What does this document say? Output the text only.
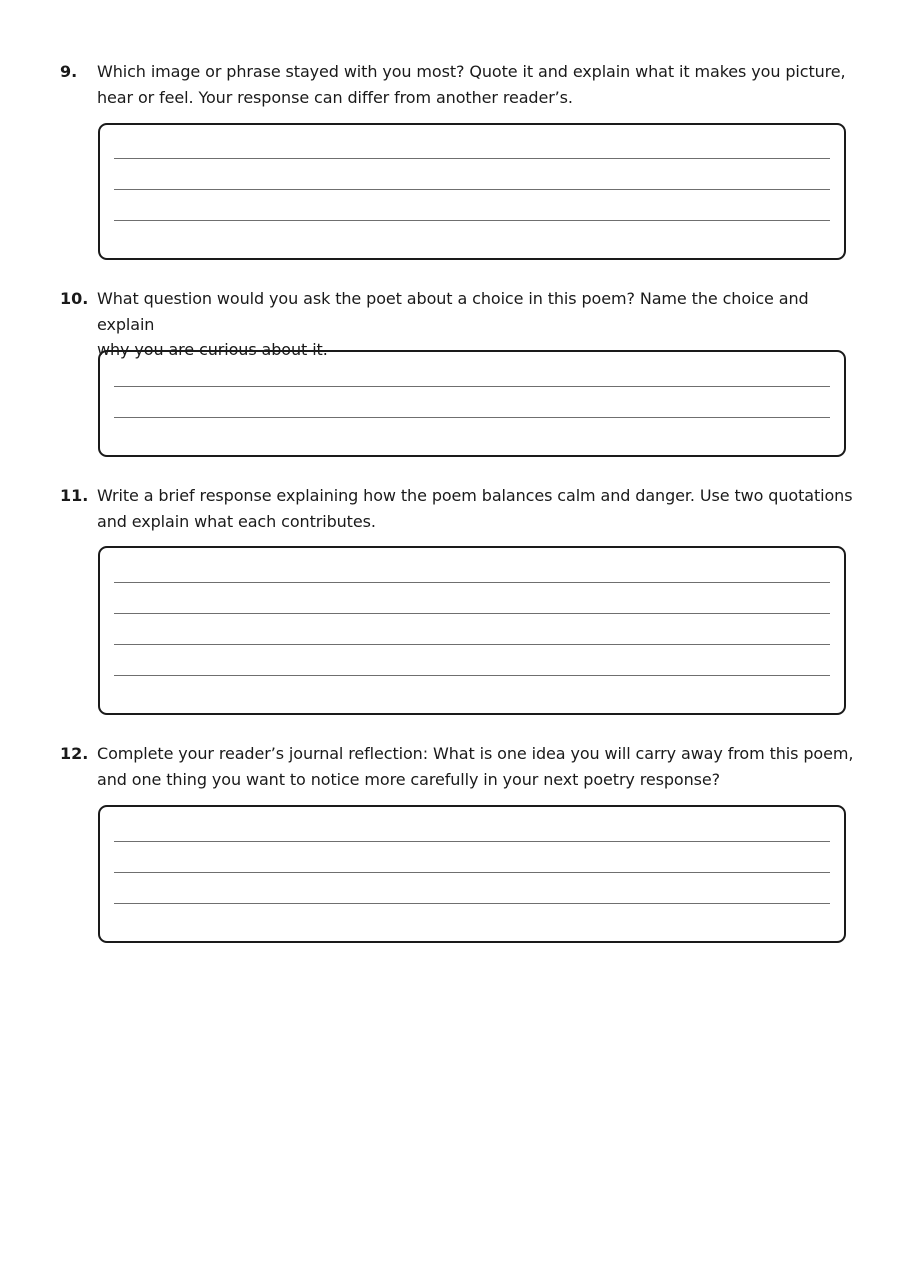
9. Which image or phrase stayed with you most? Quote it and explain what it makes you picture,
hear or feel. Your response can differ from another reader’s.
10. What question would you ask the poet about a choice in this poem? Name the choice and explain
why you are curious about it.
11. Write a brief response explaining how the poem balances calm and danger. Use two quotations
and explain what each contributes.
12. Complete your reader’s journal reflection: What is one idea you will carry away from this poem,
and one thing you want to notice more carefully in your next poetry response?
